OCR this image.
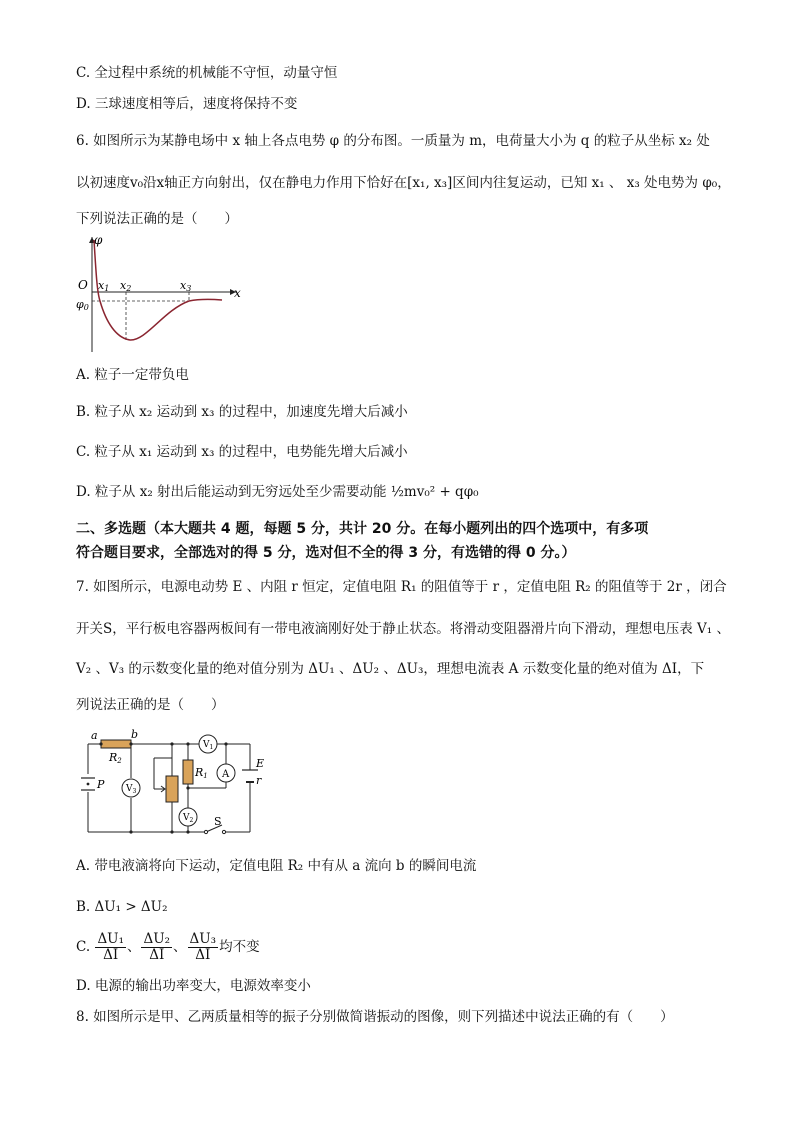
C. 全过程中系统的机械能不守恒，动量守恒
D. 三球速度相等后，速度将保持不变
6. 如图所示为某静电场中 x 轴上各点电势 φ 的分布图。一质量为 m，电荷量大小为 q 的粒子从坐标 x₂ 处
以初速度v₀沿x轴正方向射出，仅在静电力作用下恰好在[x₁, x₃]区间内往复运动，已知 x₁ 、 x₃ 处电势为 φ₀，
下列说法正确的是（　　）
φ
x
O x1 x2	x3
φ0
A. 粒子一定带负电
B. 粒子从 x₂ 运动到 x₃ 的过程中，加速度先增大后减小
C. 粒子从 x₁ 运动到 x₃ 的过程中，电势能先增大后减小
D. 粒子从 x₂ 射出后能运动到无穷远处至少需要动能 ½mv₀² + qφ₀
二、多选题（本大题共 4 题，每题 5 分，共计 20 分。在每小题列出的四个选项中，有多项
符合题目要求，全部选对的得 5 分，选对但不全的得 3 分，有选错的得 0 分。）
7. 如图所示，电源电动势 E 、内阻 r 恒定，定值电阻 R₁ 的阻值等于 r ，定值电阻 R₂ 的阻值等于 2r ，闭合
开关S，平行板电容器两板间有一带电液滴刚好处于静止状态。将滑动变阻器滑片向下滑动，理想电压表 V₁ 、
V₂ 、V₃ 的示数变化量的绝对值分别为 ΔU₁ 、ΔU₂ 、ΔU₃，理想电流表 A 示数变化量的绝对值为 ΔI，下
列说法正确的是（　　）
a	b
R2
R1
P
$V_1$
$V_3$
$V_2$
A
E
r
S
A. 带电液滴将向下运动，定值电阻 R₂ 中有从 a 流向 b 的瞬间电流
B. ΔU₁ > ΔU₂
C. $\frac{\text{ΔU₁}}{\Delta I}$ 、 $\frac{\text{ΔU₂}}{\Delta I}$ 、 $\frac{\text{ΔU₃}}{\Delta I}$ 均不变
D. 电源的输出功率变大，电源效率变小
8. 如图所示是甲、乙两质量相等的振子分别做简谐振动的图像，则下列描述中说法正确的有（　　）
